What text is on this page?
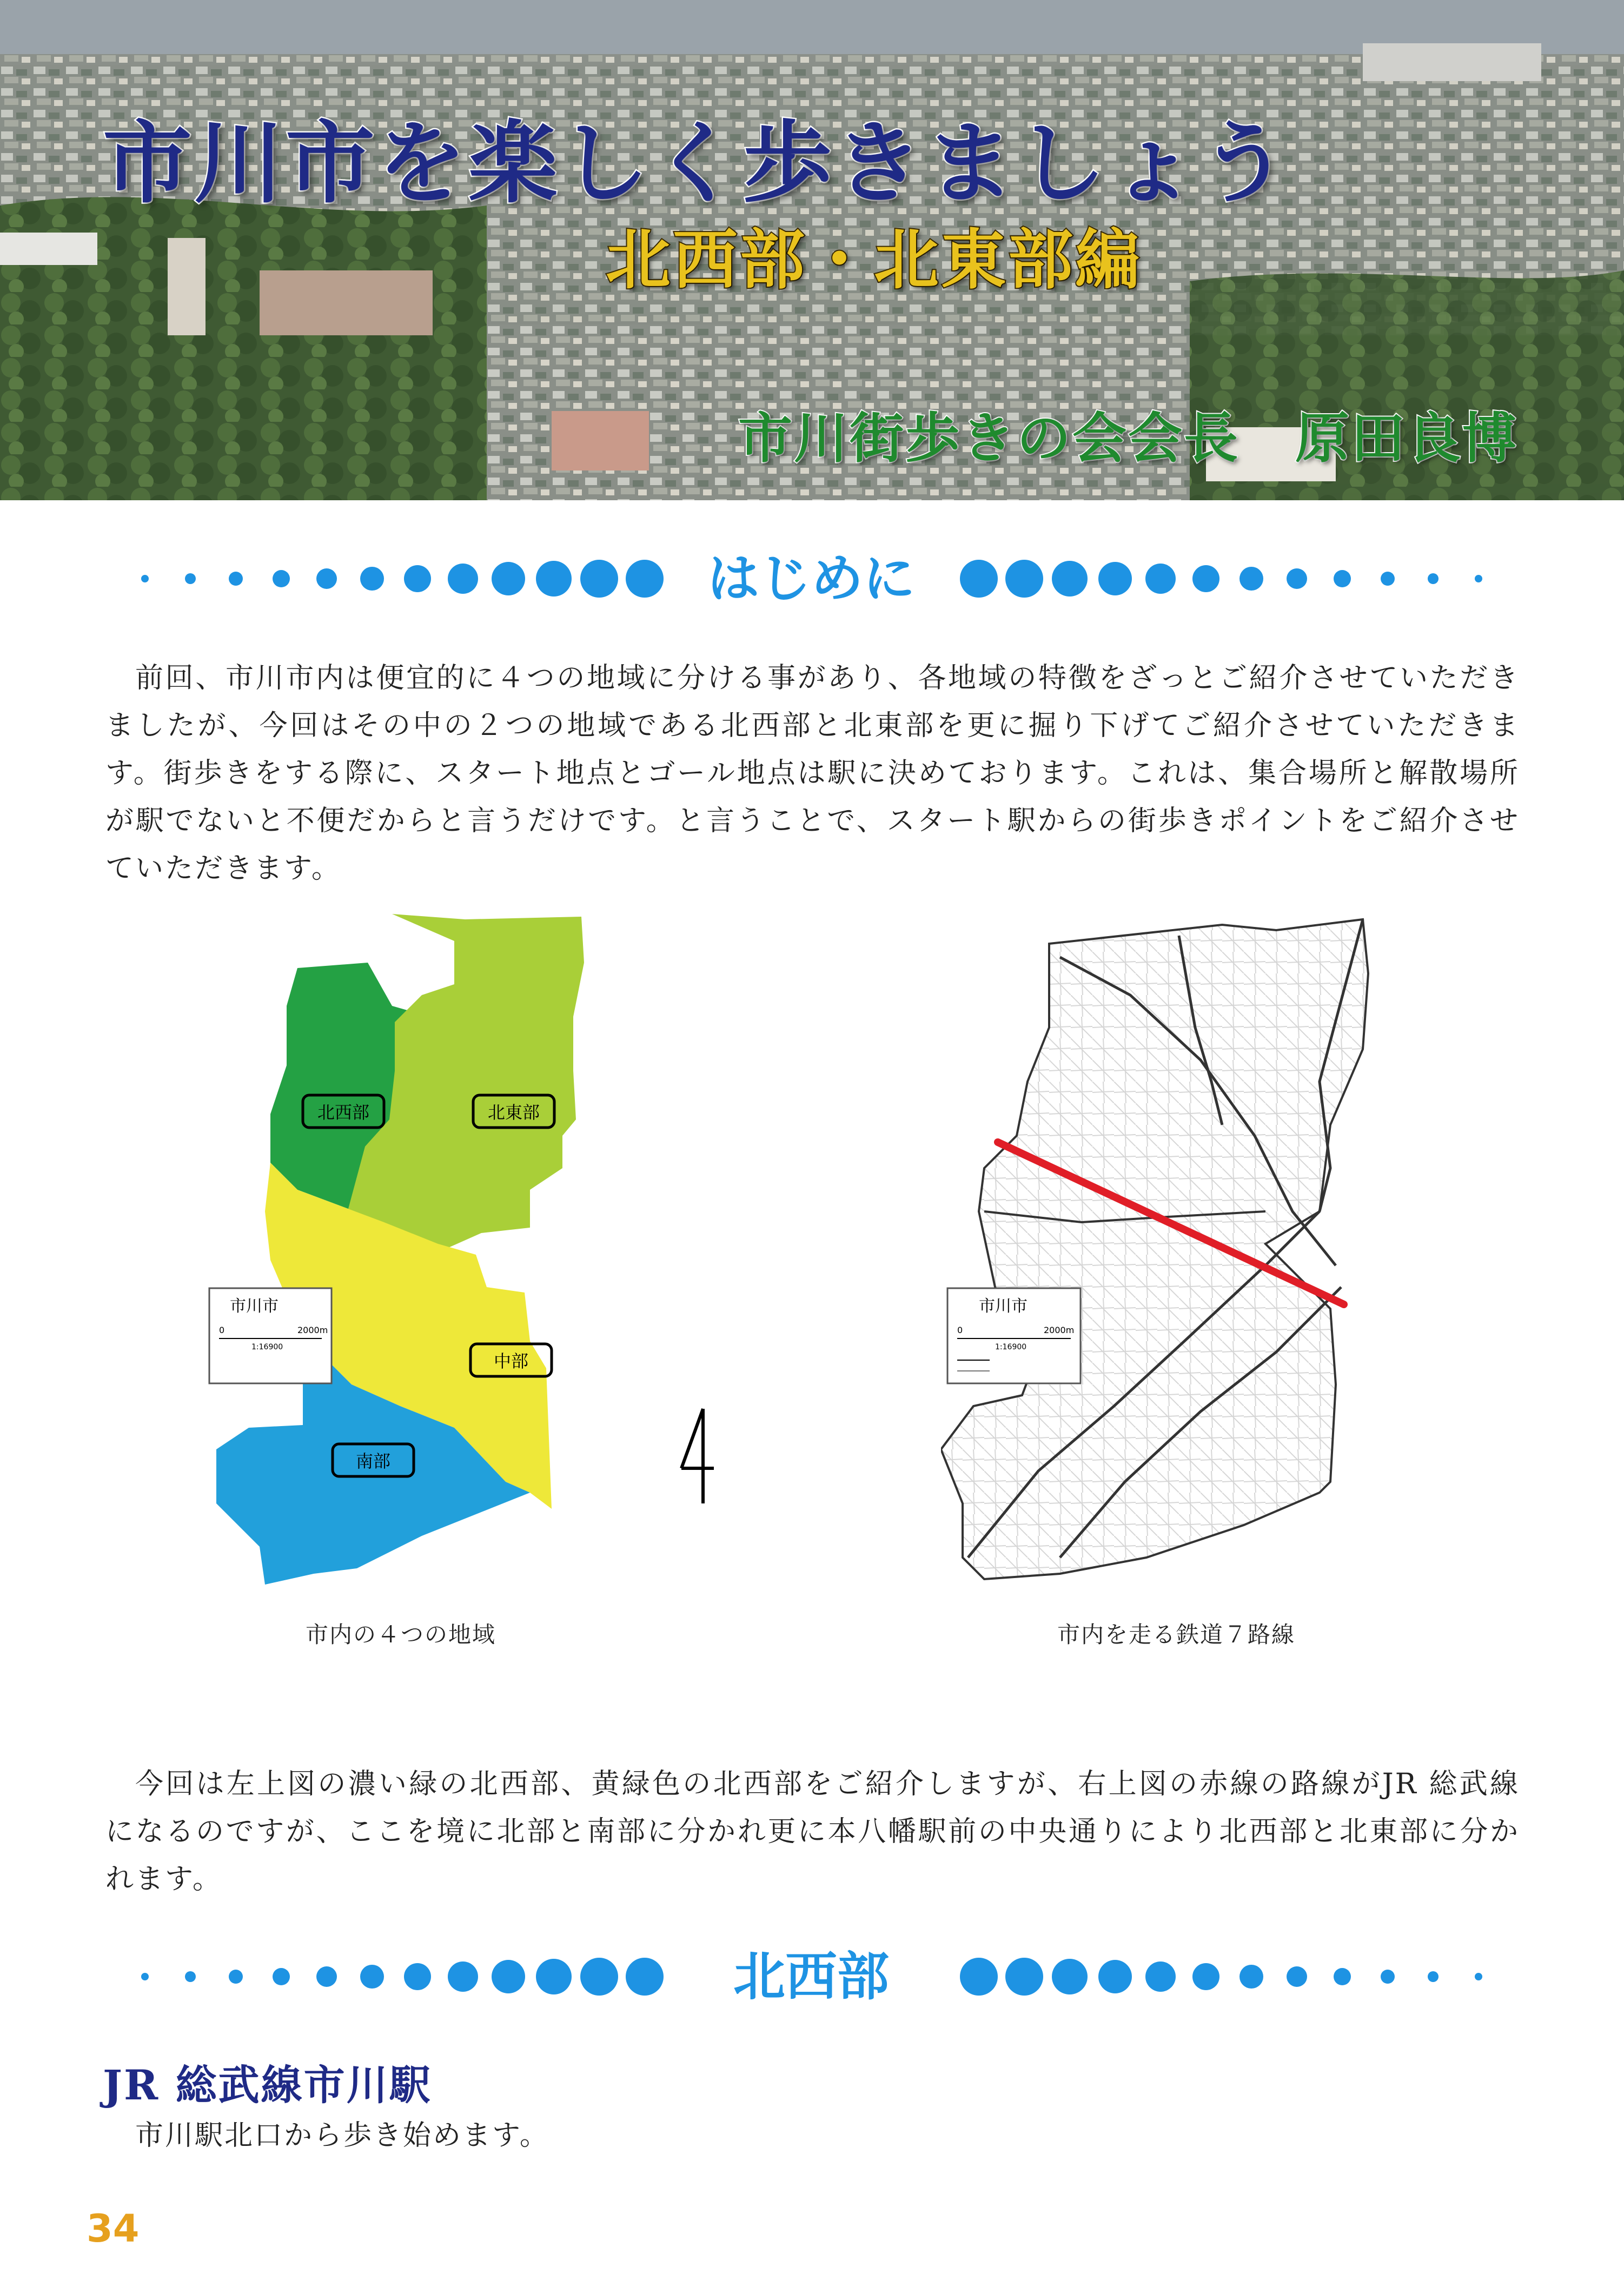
市川市を楽しく歩きましょう
北西部・北東部編
市川街歩きの会会長　原田良博
はじめに

前回、市川市内は便宜的に４つの地域に分ける事があり、各地域の特徴をざっとご紹介させていただきましたが、今回はその中の２つの地域である北西部と北東部を更に掘り下げてご紹介させていただきます。街歩きをする際に、スタート地点とゴール地点は駅に決めております。これは、集合場所と解散場所が駅でないと不便だからと言うだけです。と言うことで、スタート駅からの街歩きポイントをご紹介させていただきます。

北西部	北東部
中部
南部
市川市
0	2000m
1:16900
市内の４つの地域
市川市
0	2000m
1:16900
市内を走る鉄道７路線

今回は左上図の濃い緑の北西部、黄緑色の北西部をご紹介しますが、右上図の赤線の路線がJR 総武線になるのですが、ここを境に北部と南部に分かれ更に本八幡駅前の中央通りにより北西部と北東部に分かれます。

北西部
JR 総武線市川駅

市川駅北口から歩き始めます。

34
